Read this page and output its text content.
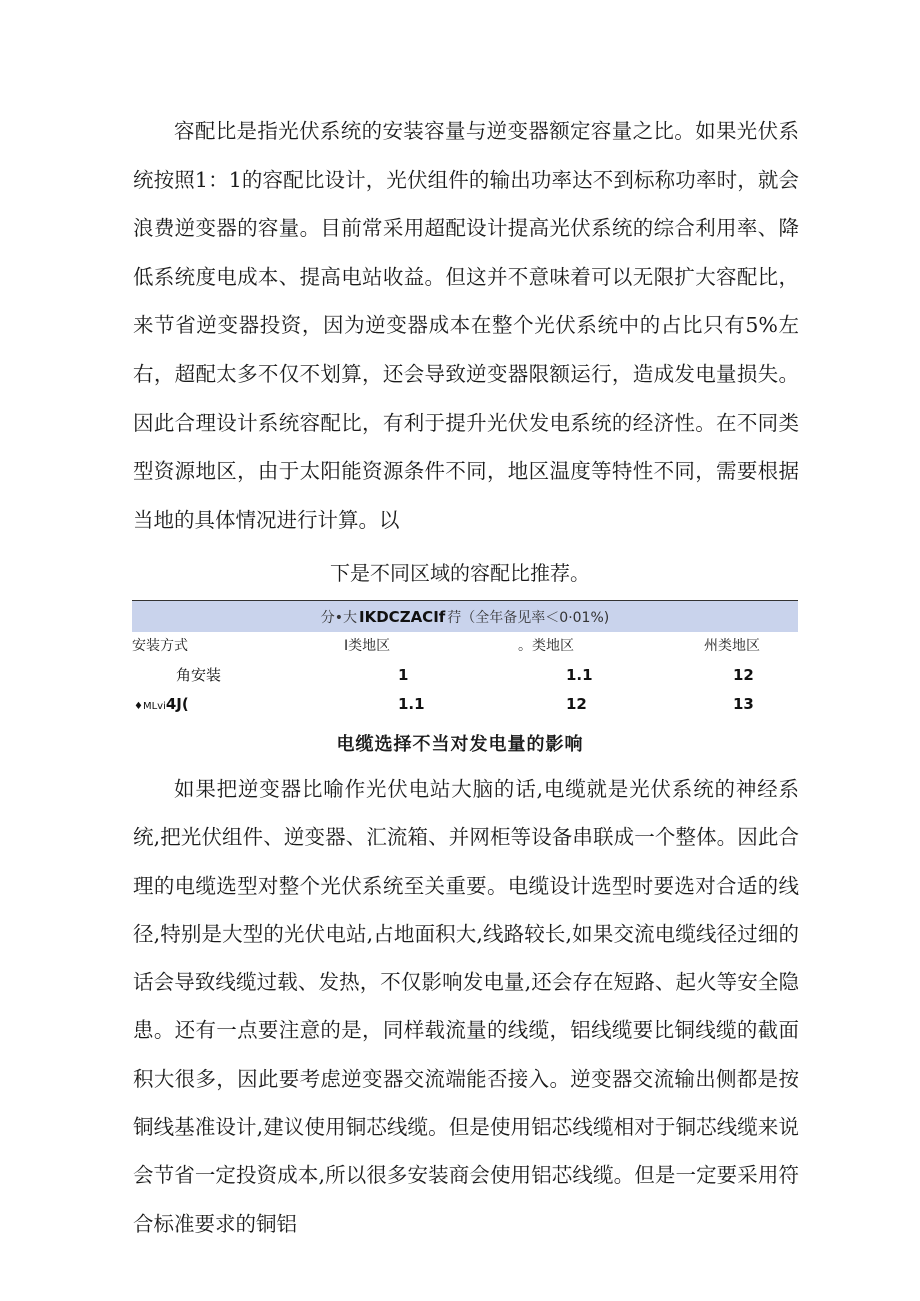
容配比是指光伏系统的安装容量与逆变器额定容量之比。如果光伏系统按照1：1的容配比设计，光伏组件的输出功率达不到标称功率时，就会浪费逆变器的容量。目前常采用超配设计提高光伏系统的综合利用率、降低系统度电成本、提高电站收益。但这并不意味着可以无限扩大容配比，来节省逆变器投资，因为逆变器成本在整个光伏系统中的占比只有5%左右，超配太多不仅不划算，还会导致逆变器限额运行，造成发电量损失。因此合理设计系统容配比，有利于提升光伏发电系统的经济性。在不同类型资源地区，由于太阳能资源条件不同，地区温度等特性不同，需要根据当地的具体情况进行计算。以

下是不同区域的容配比推荐。
分•大 IKDCZACIf 荇（全年备见率＜0·01%)
安装方式	I类地区	。类地区	州类地区
角安装	1	1.1	12
♦MLvi4J(	1.1	12	13
电缆选择不当对发电量的影响

如果把逆变器比喻作光伏电站大脑的话,电缆就是光伏系统的神经系统,把光伏组件、逆变器、汇流箱、并网柜等设备串联成一个整体。因此合理的电缆选型对整个光伏系统至关重要。电缆设计选型时要选对合适的线径,特别是大型的光伏电站,占地面积大,线路较长,如果交流电缆线径过细的话会导致线缆过载、发热，不仅影响发电量,还会存在短路、起火等安全隐患。还有一点要注意的是，同样载流量的线缆，铝线缆要比铜线缆的截面积大很多，因此要考虑逆变器交流端能否接入。逆变器交流输出侧都是按铜线基准设计,建议使用铜芯线缆。但是使用铝芯线缆相对于铜芯线缆来说会节省一定投资成本,所以很多安装商会使用铝芯线缆。但是一定要采用符合标准要求的铜铝
